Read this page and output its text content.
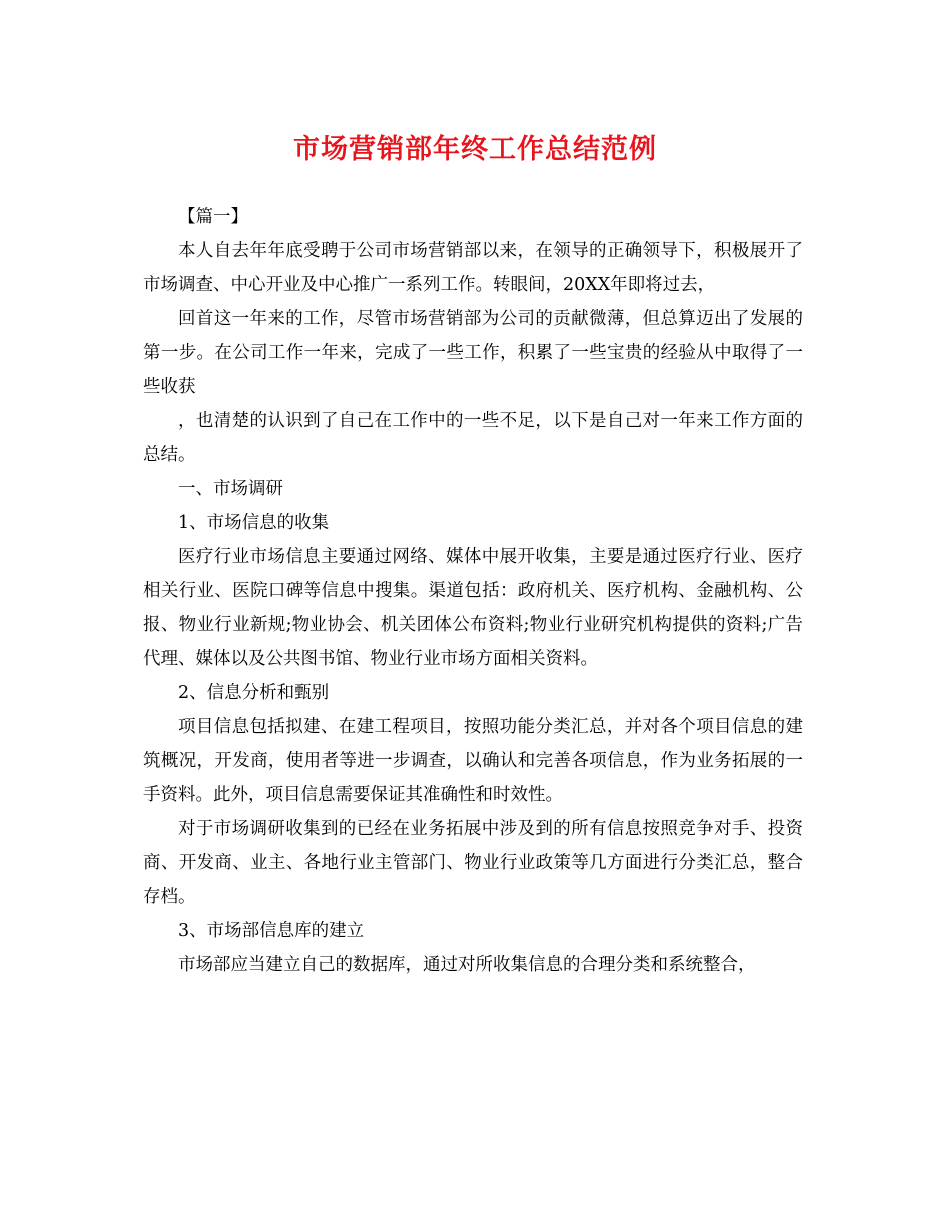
市场营销部年终工作总结范例

【篇一】

本人自去年年底受聘于公司市场营销部以来，在领导的正确领导下，积极展开了市场调查、中心开业及中心推广一系列工作。转眼间，20XX年即将过去，

回首这一年来的工作，尽管市场营销部为公司的贡献微薄，但总算迈出了发展的第一步。在公司工作一年来，完成了一些工作，积累了一些宝贵的经验从中取得了一些收获

，也清楚的认识到了自己在工作中的一些不足，以下是自己对一年来工作方面的总结。

一、市场调研

1、市场信息的收集

医疗行业市场信息主要通过网络、媒体中展开收集，主要是通过医疗行业、医疗相关行业、医院口碑等信息中搜集。渠道包括：政府机关、医疗机构、金融机构、公报、物业行业新规;物业协会、机关团体公布资料;物业行业研究机构提供的资料;广告代理、媒体以及公共图书馆、物业行业市场方面相关资料。

2、信息分析和甄别

项目信息包括拟建、在建工程项目，按照功能分类汇总，并对各个项目信息的建筑概况，开发商，使用者等进一步调查，以确认和完善各项信息，作为业务拓展的一手资料。此外，项目信息需要保证其准确性和时效性。

对于市场调研收集到的已经在业务拓展中涉及到的所有信息按照竞争对手、投资商、开发商、业主、各地行业主管部门、物业行业政策等几方面进行分类汇总，整合存档。

3、市场部信息库的建立

市场部应当建立自己的数据库，通过对所收集信息的合理分类和系统整合，
